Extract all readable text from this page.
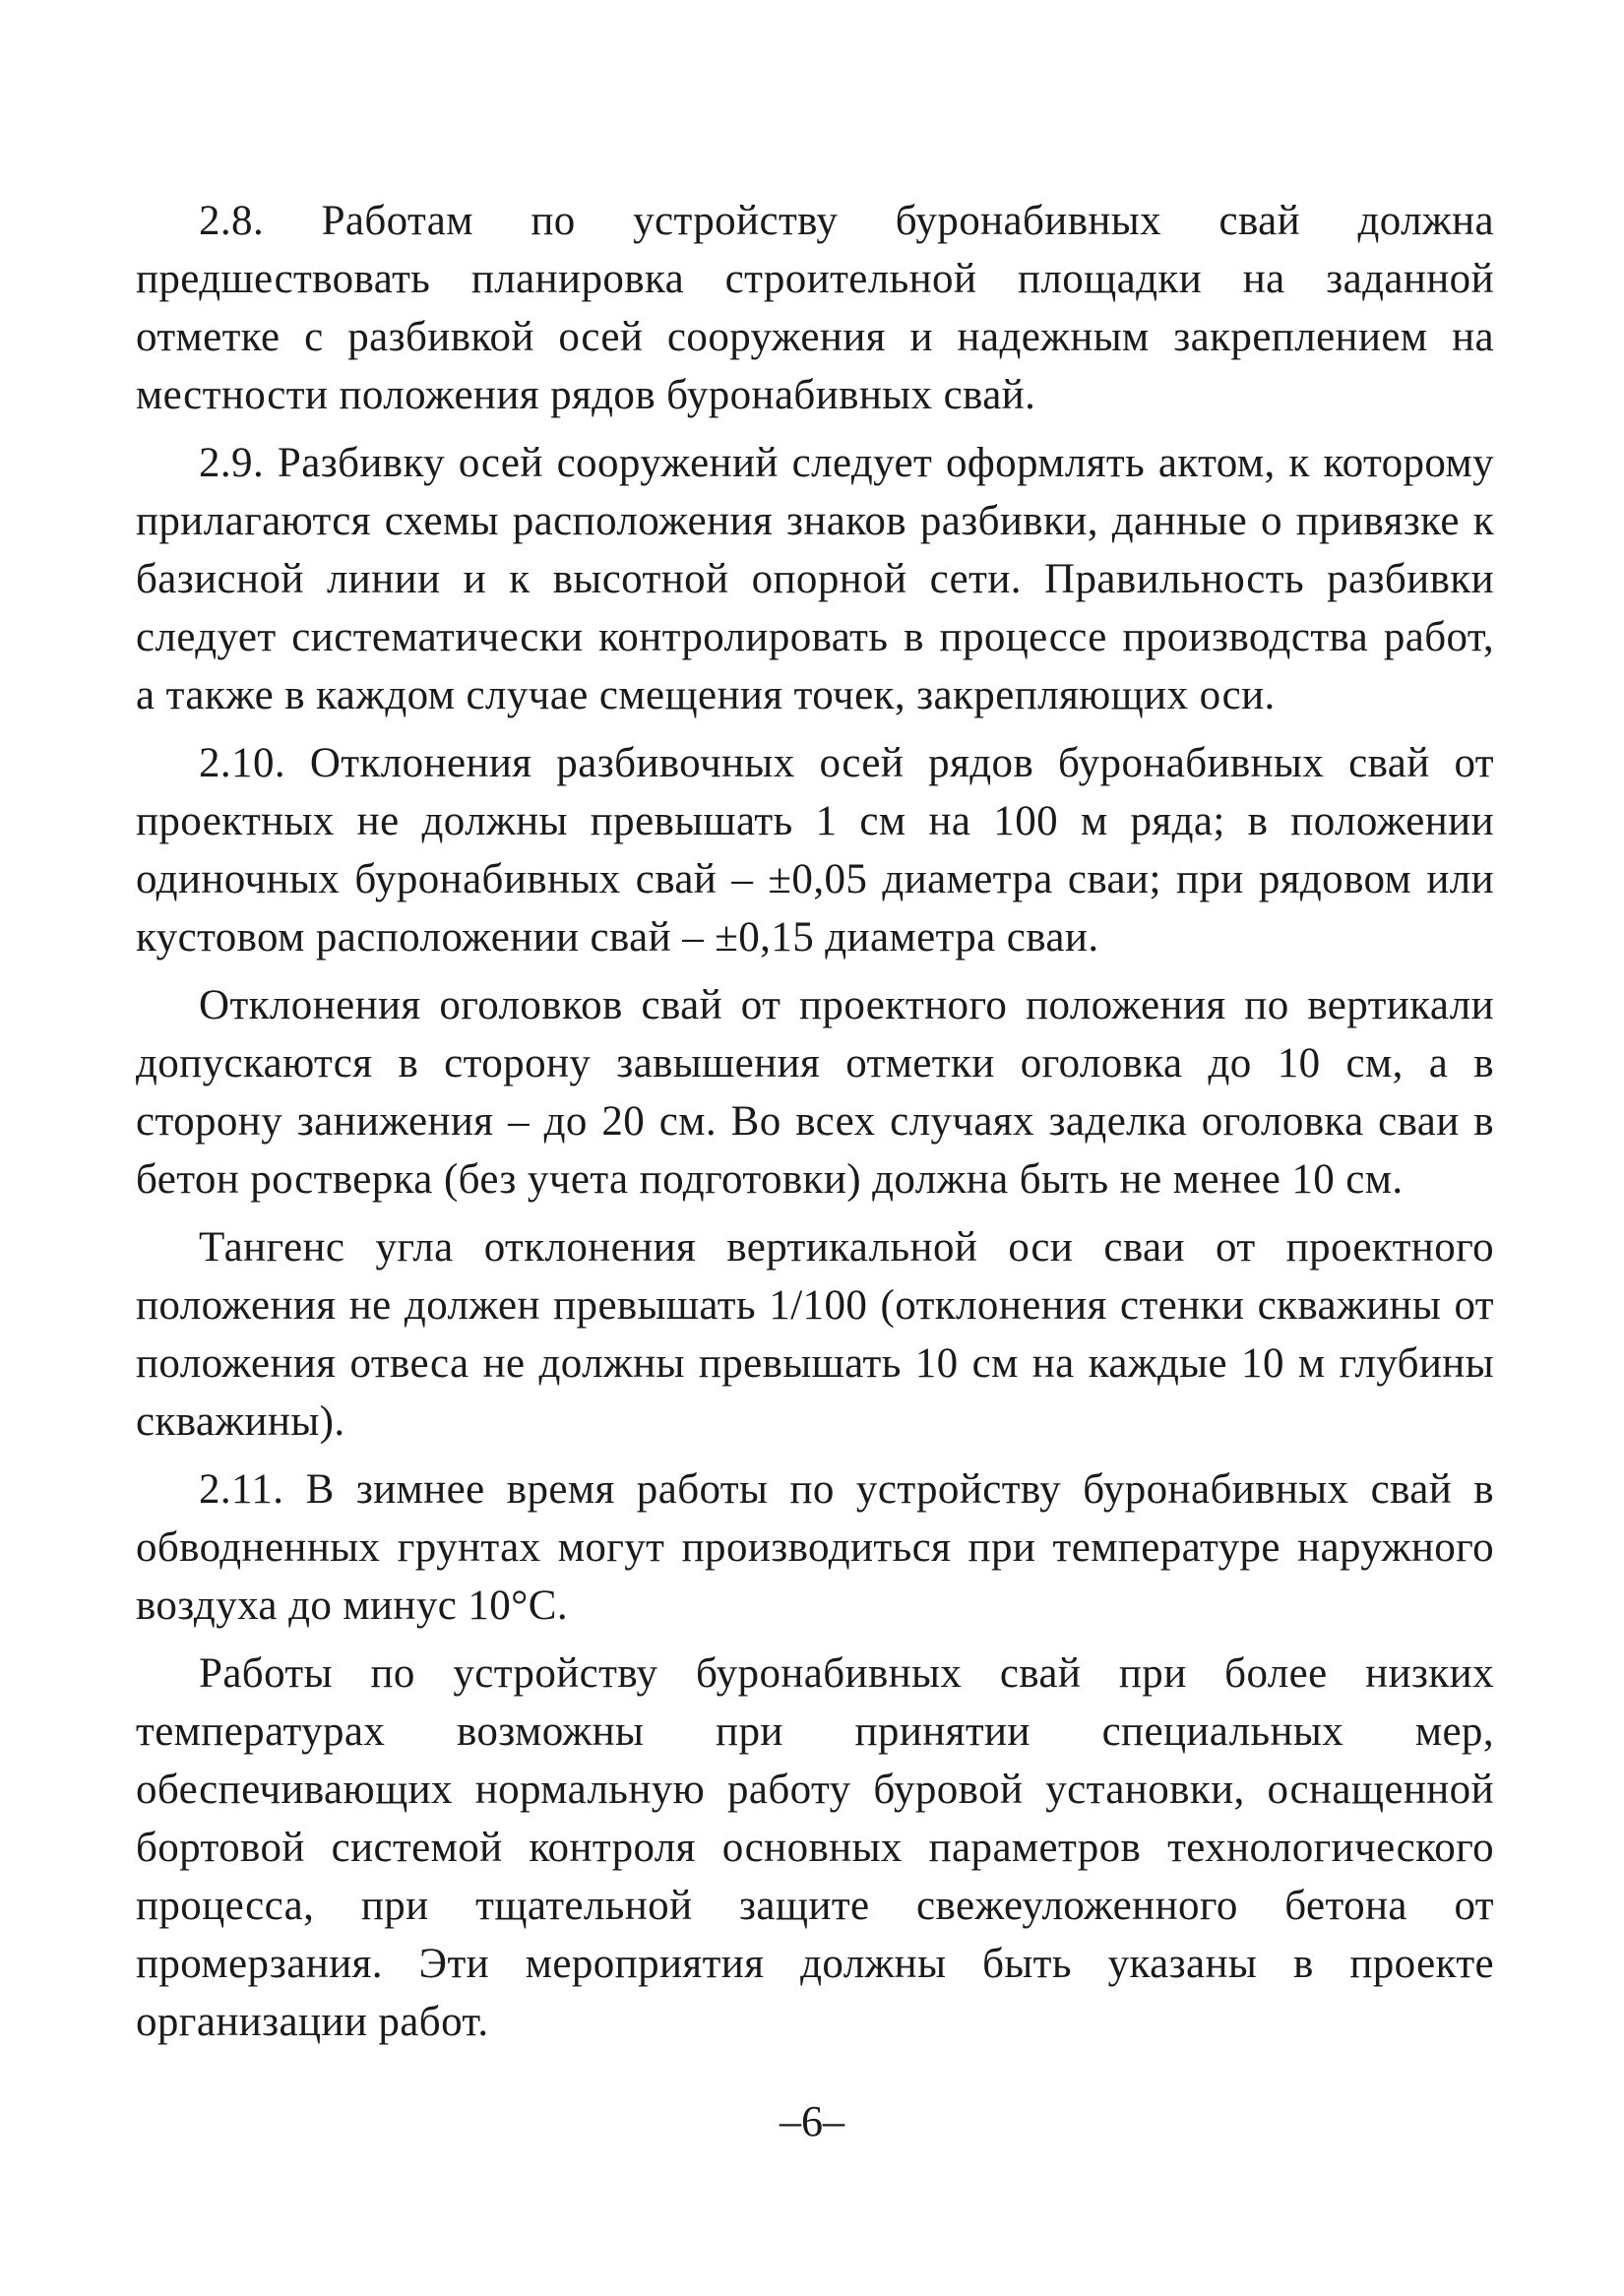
2.8. Работам по устройству буронабивных свай должна предшествовать планировка строительной площадки на заданной отметке с разбивкой осей сооружения и надежным закреплением на местности положения рядов буронабивных свай.

2.9. Разбивку осей сооружений следует оформлять актом, к которому прилагаются схемы расположения знаков разбивки, данные о привязке к базисной линии и к высотной опорной сети. Правильность разбивки следует систематически контролировать в процессе производства работ, а также в каждом случае смещения точек, закрепляющих оси.

2.10. Отклонения разбивочных осей рядов буронабивных свай от проектных не должны превышать 1 см на 100 м ряда; в положении одиночных буронабивных свай – ±0,05 диаметра сваи; при рядовом или кустовом расположении свай – ±0,15 диаметра сваи.

Отклонения оголовков свай от проектного положения по вертикали допускаются в сторону завышения отметки оголовка до 10 см, а в сторону занижения – до 20 см. Во всех случаях заделка оголовка сваи в бетон ростверка (без учета подготовки) должна быть не менее 10 см.

Тангенс угла отклонения вертикальной оси сваи от проектного положения не должен превышать 1/100 (отклонения стенки скважины от положения отвеса не должны превышать 10 см на каждые 10 м глубины скважины).

2.11. В зимнее время работы по устройству буронабивных свай в обводненных грунтах могут производиться при температуре наружного воздуха до минус 10°С.

Работы по устройству буронабивных свай при более низких температурах возможны при принятии специальных мер, обеспечивающих нормальную работу буровой установки, оснащенной бортовой системой контроля основных параметров технологического процесса, при тщательной защите свежеуложенного бетона от промерзания. Эти мероприятия должны быть указаны в проекте организации работ.

–6–
